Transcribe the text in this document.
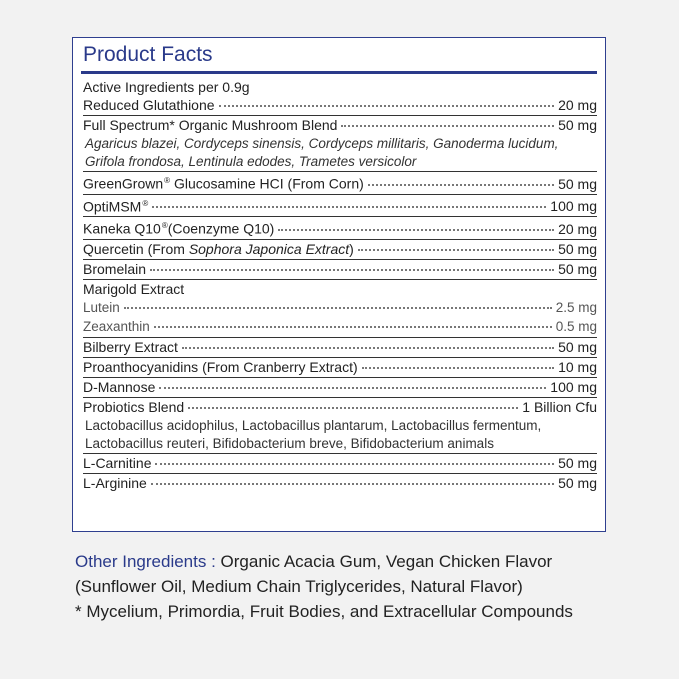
Product Facts
Active Ingredients per 0.9g
Reduced Glutathione	20 mg
Full Spectrum* Organic Mushroom Blend	50 mg
Agaricus blazei, Cordyceps sinensis, Cordyceps millitaris, Ganoderma lucidum, Grifola frondosa, Lentinula edodes, Trametes versicolor
GreenGrown® Glucosamine HCI (From Corn)	50 mg
OptiMSM®	100 mg
Kaneka Q10®(Coenzyme Q10)	20 mg
Quercetin (From Sophora Japonica Extract)	50 mg
Bromelain	50 mg
Marigold Extract
Lutein	2.5 mg
Zeaxanthin	0.5 mg
Bilberry Extract	50 mg
Proanthocyanidins (From Cranberry Extract)	10 mg
D-Mannose	100 mg
Probiotics Blend	1 Billion Cfu
Lactobacillus acidophilus, Lactobacillus plantarum, Lactobacillus fermentum,
Lactobacillus reuteri, Bifidobacterium breve, Bifidobacterium animals
L-Carnitine	50 mg
L-Arginine	50 mg
Other Ingredients : Organic Acacia Gum, Vegan Chicken Flavor (Sunflower Oil, Medium Chain Triglycerides, Natural Flavor)
* Mycelium, Primordia, Fruit Bodies, and Extracellular Compounds
